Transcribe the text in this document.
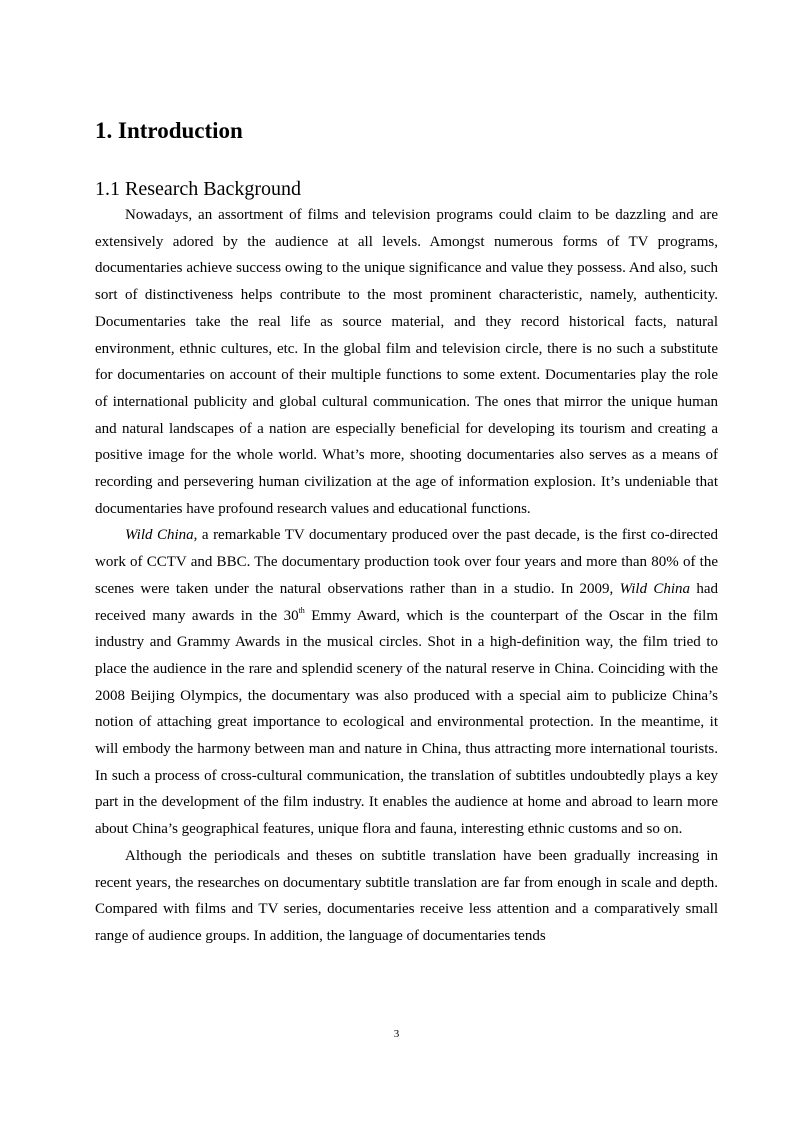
1. Introduction
1.1 Research Background

Nowadays, an assortment of films and television programs could claim to be dazzling and are extensively adored by the audience at all levels. Amongst numerous forms of TV programs, documentaries achieve success owing to the unique significance and value they possess. And also, such sort of distinctiveness helps contribute to the most prominent characteristic, namely, authenticity. Documentaries take the real life as source material, and they record historical facts, natural environment, ethnic cultures, etc. In the global film and television circle, there is no such a substitute for documentaries on account of their multiple functions to some extent. Documentaries play the role of international publicity and global cultural communication. The ones that mirror the unique human and natural landscapes of a nation are especially beneficial for developing its tourism and creating a positive image for the whole world. What’s more, shooting documentaries also serves as a means of recording and persevering human civilization at the age of information explosion. It’s undeniable that documentaries have profound research values and educational functions.

Wild China, a remarkable TV documentary produced over the past decade, is the first co-directed work of CCTV and BBC. The documentary production took over four years and more than 80% of the scenes were taken under the natural observations rather than in a studio. In 2009, Wild China had received many awards in the 30th Emmy Award, which is the counterpart of the Oscar in the film industry and Grammy Awards in the musical circles. Shot in a high-definition way, the film tried to place the audience in the rare and splendid scenery of the natural reserve in China. Coinciding with the 2008 Beijing Olympics, the documentary was also produced with a special aim to publicize China’s notion of attaching great importance to ecological and environmental protection. In the meantime, it will embody the harmony between man and nature in China, thus attracting more international tourists. In such a process of cross-cultural communication, the translation of subtitles undoubtedly plays a key part in the development of the film industry. It enables the audience at home and abroad to learn more about China’s geographical features, unique flora and fauna, interesting ethnic customs and so on.

Although the periodicals and theses on subtitle translation have been gradually increasing in recent years, the researches on documentary subtitle translation are far from enough in scale and depth. Compared with films and TV series, documentaries receive less attention and a comparatively small range of audience groups. In addition, the language of documentaries tends

3
